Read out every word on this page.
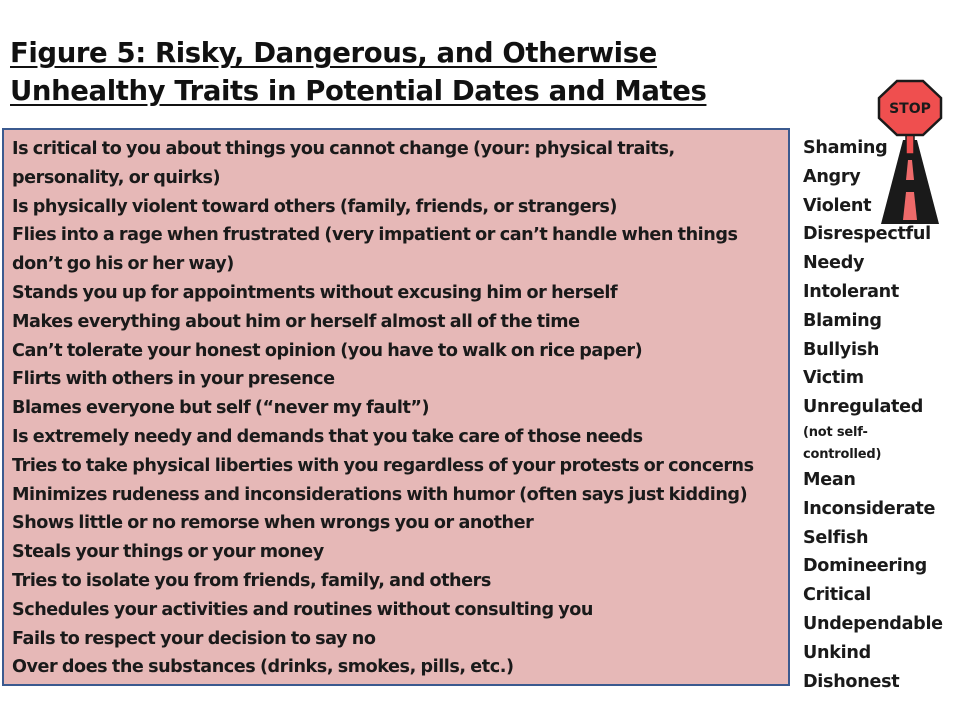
Figure 5: Risky, Dangerous, and Otherwise
Unhealthy Traits in Potential Dates and Mates
Is critical to you about things you cannot change (your: physical traits,
personality, or quirks)
Is physically violent toward others (family, friends, or strangers)
Flies into a rage when frustrated (very impatient or can’t handle when things
don’t go his or her way)
Stands you up for appointments without excusing him or herself
Makes everything about him or herself almost all of the time
Can’t tolerate your honest opinion (you have to walk on rice paper)
Flirts with others in your presence
Blames everyone but self (“never my fault”)
Is extremely needy and demands that you take care of those needs
Tries to take physical liberties with you regardless of your protests or concerns
Minimizes rudeness and inconsiderations with humor (often says just kidding)
Shows little or no remorse when wrongs you or another
Steals your things or your money
Tries to isolate you from friends, family, and others
Schedules your activities and routines without consulting you
Fails to respect your decision to say no
Over does the substances (drinks, smokes, pills, etc.)
STOP
Shaming
Angry
Violent
Disrespectful
Needy
Intolerant
Blaming
Bullyish
Victim
Unregulated
(not self-
controlled)
Mean
Inconsiderate
Selfish
Domineering
Critical
Undependable
Unkind
Dishonest
